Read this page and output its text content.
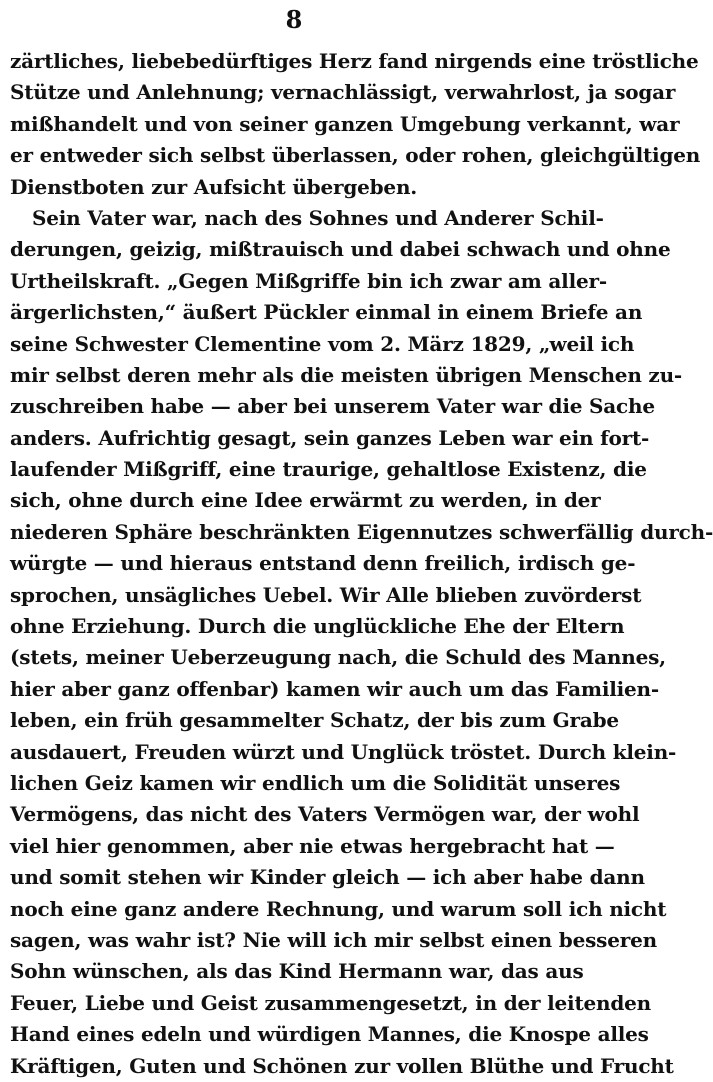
8
zärtliches, liebebedürftiges Herz fand nirgends eine tröstliche
Stütze und Anlehnung; vernachlässigt, verwahrlost, ja sogar
mißhandelt und von seiner ganzen Umgebung verkannt, war
er entweder sich selbst überlassen, oder rohen, gleichgültigen
Dienstboten zur Aufsicht übergeben.
Sein Vater war, nach des Sohnes und Anderer Schil-
derungen, geizig, mißtrauisch und dabei schwach und ohne
Urtheilskraft. „Gegen Mißgriffe bin ich zwar am aller-
ärgerlichsten,“ äußert Pückler einmal in einem Briefe an
seine Schwester Clementine vom 2. März 1829, „weil ich
mir selbst deren mehr als die meisten übrigen Menschen zu-
zuschreiben habe — aber bei unserem Vater war die Sache
anders. Aufrichtig gesagt, sein ganzes Leben war ein fort-
laufender Mißgriff, eine traurige, gehaltlose Existenz, die
sich, ohne durch eine Idee erwärmt zu werden, in der
niederen Sphäre beschränkten Eigennutzes schwerfällig durch-
würgte — und hieraus entstand denn freilich, irdisch ge-
sprochen, unsägliches Uebel. Wir Alle blieben zuvörderst
ohne Erziehung. Durch die unglückliche Ehe der Eltern
(stets, meiner Ueberzeugung nach, die Schuld des Mannes,
hier aber ganz offenbar) kamen wir auch um das Familien-
leben, ein früh gesammelter Schatz, der bis zum Grabe
ausdauert, Freuden würzt und Unglück tröstet. Durch klein-
lichen Geiz kamen wir endlich um die Solidität unseres
Vermögens, das nicht des Vaters Vermögen war, der wohl
viel hier genommen, aber nie etwas hergebracht hat —
und somit stehen wir Kinder gleich — ich aber habe dann
noch eine ganz andere Rechnung, und warum soll ich nicht
sagen, was wahr ist? Nie will ich mir selbst einen besseren
Sohn wünschen, als das Kind Hermann war, das aus
Feuer, Liebe und Geist zusammengesetzt, in der leitenden
Hand eines edeln und würdigen Mannes, die Knospe alles
Kräftigen, Guten und Schönen zur vollen Blüthe und Frucht
